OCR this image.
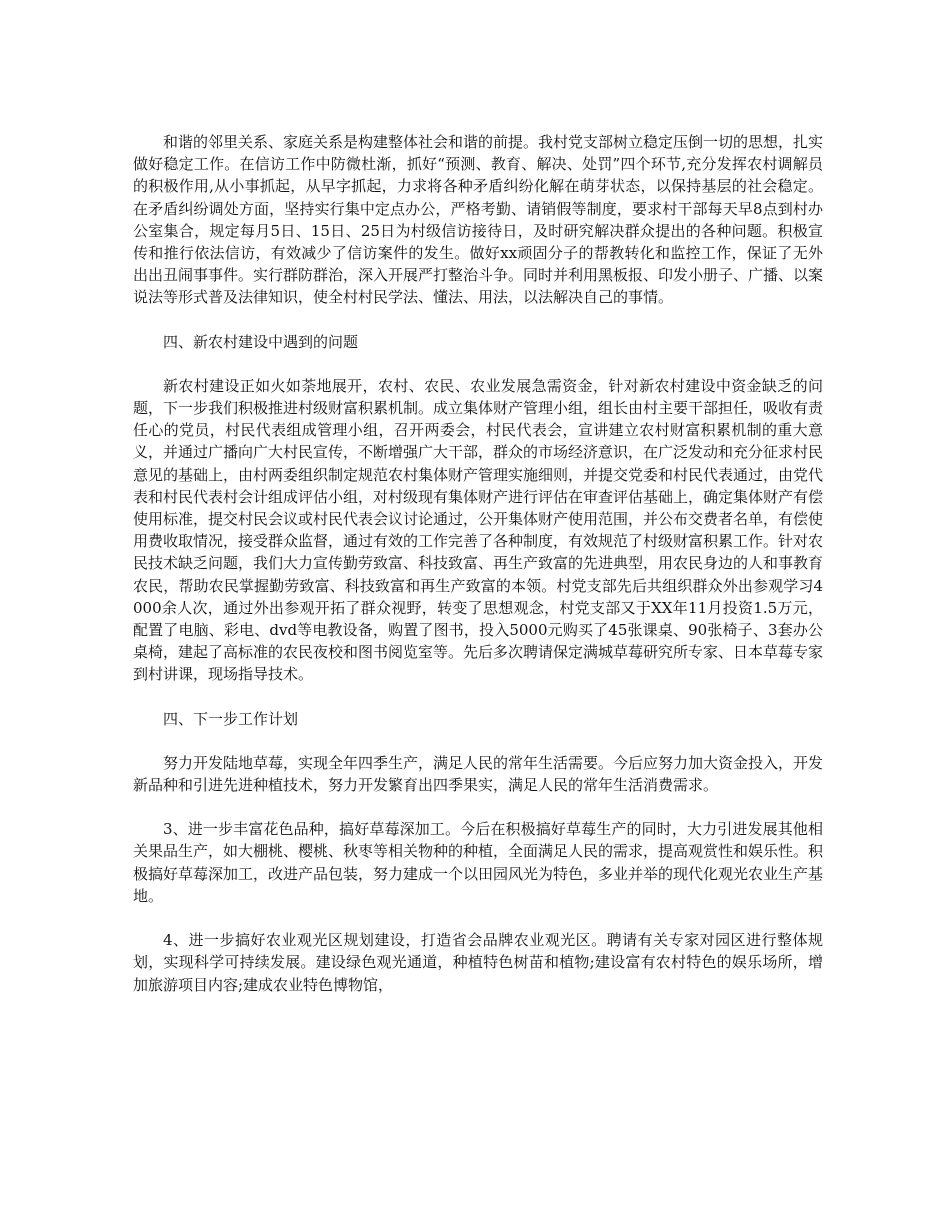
和谐的邻里关系、家庭关系是构建整体社会和谐的前提。我村党支部树立稳定压倒一切的思想，扎实做好稳定工作。在信访工作中防微杜渐，抓好“预测、教育、解决、处罚”四个环节,充分发挥农村调解员的积极作用,从小事抓起，从早字抓起，力求将各种矛盾纠纷化解在萌芽状态，以保持基层的社会稳定。在矛盾纠纷调处方面，坚持实行集中定点办公，严格考勤、请销假等制度，要求村干部每天早8点到村办公室集合，规定每月5日、15日、25日为村级信访接待日，及时研究解决群众提出的各种问题。积极宣传和推行依法信访，有效减少了信访案件的发生。做好xx顽固分子的帮教转化和监控工作，保证了无外出出丑闹事事件。实行群防群治，深入开展严打整治斗争。同时并利用黑板报、印发小册子、广播、以案说法等形式普及法律知识，使全村村民学法、懂法、用法，以法解决自己的事情。

四、新农村建设中遇到的问题

新农村建设正如火如荼地展开，农村、农民、农业发展急需资金，针对新农村建设中资金缺乏的问题，下一步我们积极推进村级财富积累机制。成立集体财产管理小组，组长由村主要干部担任，吸收有责任心的党员，村民代表组成管理小组，召开两委会，村民代表会，宣讲建立农村财富积累机制的重大意义，并通过广播向广大村民宣传，不断增强广大干部，群众的市场经济意识，在广泛发动和充分征求村民意见的基础上，由村两委组织制定规范农村集体财产管理实施细则，并提交党委和村民代表通过，由党代表和村民代表村会计组成评估小组，对村级现有集体财产进行评估在审查评估基础上，确定集体财产有偿使用标准，提交村民会议或村民代表会议讨论通过，公开集体财产使用范围，并公布交费者名单，有偿使用费收取情况，接受群众监督，通过有效的工作完善了各种制度，有效规范了村级财富积累工作。针对农民技术缺乏问题，我们大力宣传勤劳致富、科技致富、再生产致富的先进典型，用农民身边的人和事教育农民，帮助农民掌握勤劳致富、科技致富和再生产致富的本领。村党支部先后共组织群众外出参观学习4000余人次，通过外出参观开拓了群众视野，转变了思想观念，村党支部又于XX年11月投资1.5万元，配置了电脑、彩电、dvd等电教设备，购置了图书，投入5000元购买了45张课桌、90张椅子、3套办公桌椅，建起了高标准的农民夜校和图书阅览室等。先后多次聘请保定满城草莓研究所专家、日本草莓专家到村讲课，现场指导技术。

四、下一步工作计划

努力开发陆地草莓，实现全年四季生产，满足人民的常年生活需要。今后应努力加大资金投入，开发新品种和引进先进种植技术，努力开发繁育出四季果实，满足人民的常年生活消费需求。

3、进一步丰富花色品种，搞好草莓深加工。今后在积极搞好草莓生产的同时，大力引进发展其他相关果品生产，如大棚桃、樱桃、秋枣等相关物种的种植，全面满足人民的需求，提高观赏性和娱乐性。积极搞好草莓深加工，改进产品包装，努力建成一个以田园风光为特色，多业并举的现代化观光农业生产基地。

4、进一步搞好农业观光区规划建设，打造省会品牌农业观光区。聘请有关专家对园区进行整体规划，实现科学可持续发展。建设绿色观光通道，种植特色树苗和植物;建设富有农村特色的娱乐场所，增加旅游项目内容;建成农业特色博物馆，
